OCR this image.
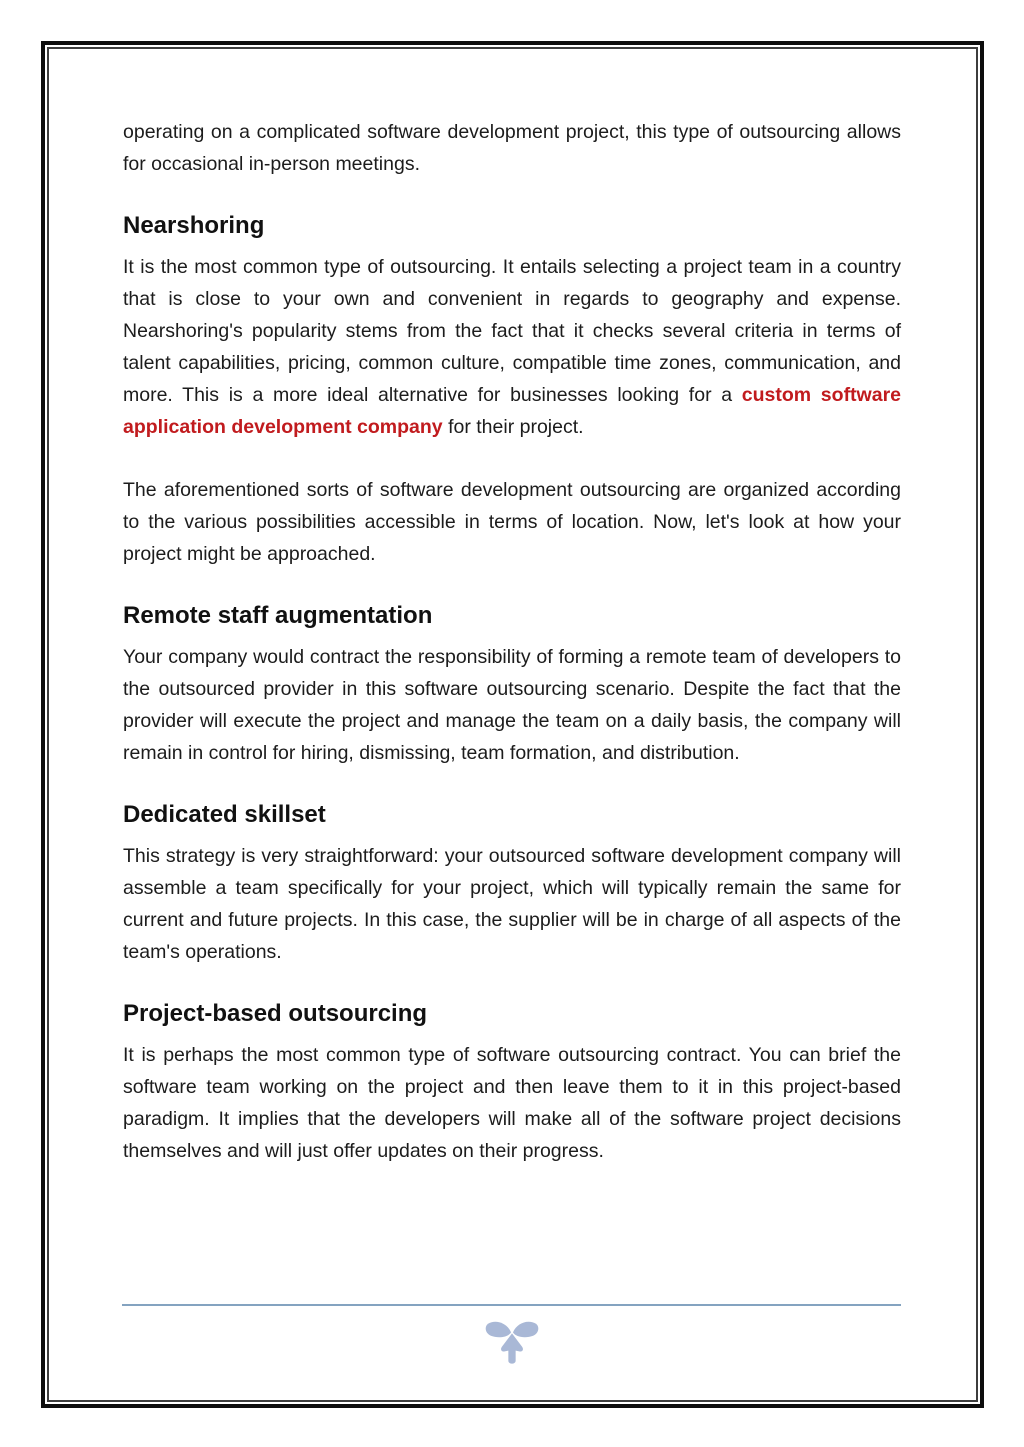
operating on a complicated software development project, this type of outsourcing allows for occasional in-person meetings.

Nearshoring

It is the most common type of outsourcing. It entails selecting a project team in a country that is close to your own and convenient in regards to geography and expense. Nearshoring's popularity stems from the fact that it checks several criteria in terms of talent capabilities, pricing, common culture, compatible time zones, communication, and more. This is a more ideal alternative for businesses looking for a custom software application development company for their project.

The aforementioned sorts of software development outsourcing are organized according to the various possibilities accessible in terms of location. Now, let's look at how your project might be approached.

Remote staff augmentation

Your company would contract the responsibility of forming a remote team of developers to the outsourced provider in this software outsourcing scenario. Despite the fact that the provider will execute the project and manage the team on a daily basis, the company will remain in control for hiring, dismissing, team formation, and distribution.

Dedicated skillset

This strategy is very straightforward: your outsourced software development company will assemble a team specifically for your project, which will typically remain the same for current and future projects. In this case, the supplier will be in charge of all aspects of the team's operations.

Project-based outsourcing

It is perhaps the most common type of software outsourcing contract. You can brief the software team working on the project and then leave them to it in this project-based paradigm. It implies that the developers will make all of the software project decisions themselves and will just offer updates on their progress.
